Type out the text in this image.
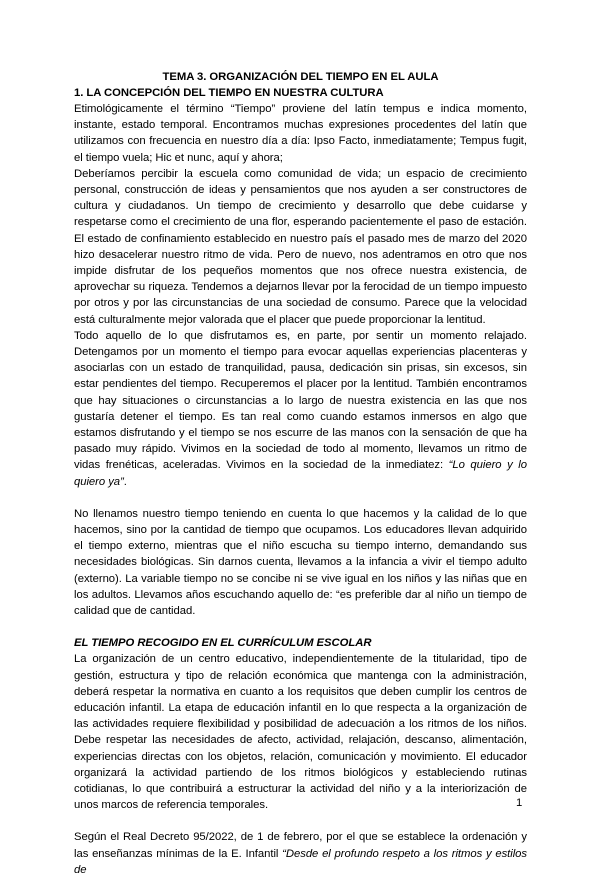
TEMA 3. ORGANIZACIÓN DEL TIEMPO EN EL AULA

1. LA CONCEPCIÓN DEL TIEMPO EN NUESTRA CULTURA

Etimológicamente el término “Tiempo” proviene del latín tempus e indica momento, instante, estado temporal. Encontramos muchas expresiones procedentes del latín que utilizamos con frecuencia en nuestro día a día: Ipso Facto, inmediatamente; Tempus fugit, el tiempo vuela; Hic et nunc, aquí y ahora;

Deberíamos percibir la escuela como comunidad de vida; un espacio de crecimiento personal, construcción de ideas y pensamientos que nos ayuden a ser constructores de cultura y ciudadanos. Un tiempo de crecimiento y desarrollo que debe cuidarse y respetarse como el crecimiento de una flor, esperando pacientemente el paso de estación. El estado de confinamiento establecido en nuestro país el pasado mes de marzo del 2020 hizo desacelerar nuestro ritmo de vida. Pero de nuevo, nos adentramos en otro que nos impide disfrutar de los pequeños momentos que nos ofrece nuestra existencia, de aprovechar su riqueza. Tendemos a dejarnos llevar por la ferocidad de un tiempo impuesto por otros y por las circunstancias de una sociedad de consumo. Parece que la velocidad está culturalmente mejor valorada que el placer que puede proporcionar la lentitud.

Todo aquello de lo que disfrutamos es, en parte, por sentir un momento relajado. Detengamos por un momento el tiempo para evocar aquellas experiencias placenteras y asociarlas con un estado de tranquilidad, pausa, dedicación sin prisas, sin excesos, sin estar pendientes del tiempo. Recuperemos el placer por la lentitud. También encontramos que hay situaciones o circunstancias a lo largo de nuestra existencia en las que nos gustaría detener el tiempo. Es tan real como cuando estamos inmersos en algo que estamos disfrutando y el tiempo se nos escurre de las manos con la sensación de que ha pasado muy rápido. Vivimos en la sociedad de todo al momento, llevamos un ritmo de vidas frenéticas, aceleradas. Vivimos en la sociedad de la inmediatez: “Lo quiero y lo quiero ya”.

No llenamos nuestro tiempo teniendo en cuenta lo que hacemos y la calidad de lo que hacemos, sino por la cantidad de tiempo que ocupamos. Los educadores llevan adquirido el tiempo externo, mientras que el niño escucha su tiempo interno, demandando sus necesidades biológicas. Sin darnos cuenta, llevamos a la infancia a vivir el tiempo adulto (externo). La variable tiempo no se concibe ni se vive igual en los niños y las niñas que en los adultos. Llevamos años escuchando aquello de: “es preferible dar al niño un tiempo de calidad que de cantidad.

EL TIEMPO RECOGIDO EN EL CURRÍCULUM ESCOLAR

La organización de un centro educativo, independientemente de la titularidad, tipo de gestión, estructura y tipo de relación económica que mantenga con la administración, deberá respetar la normativa en cuanto a los requisitos que deben cumplir los centros de educación infantil. La etapa de educación infantil en lo que respecta a la organización de las actividades requiere flexibilidad y posibilidad de adecuación a los ritmos de los niños. Debe respetar las necesidades de afecto, actividad, relajación, descanso, alimentación, experiencias directas con los objetos, relación, comunicación y movimiento. El educador organizará la actividad partiendo de los ritmos biológicos y estableciendo rutinas cotidianas, lo que contribuirá a estructurar la actividad del niño y a la interiorización de unos marcos de referencia temporales.

Según el Real Decreto 95/2022, de 1 de febrero, por el que se establece la ordenación y las enseñanzas mínimas de la E. Infantil “Desde el profundo respeto a los ritmos y estilos de

1
